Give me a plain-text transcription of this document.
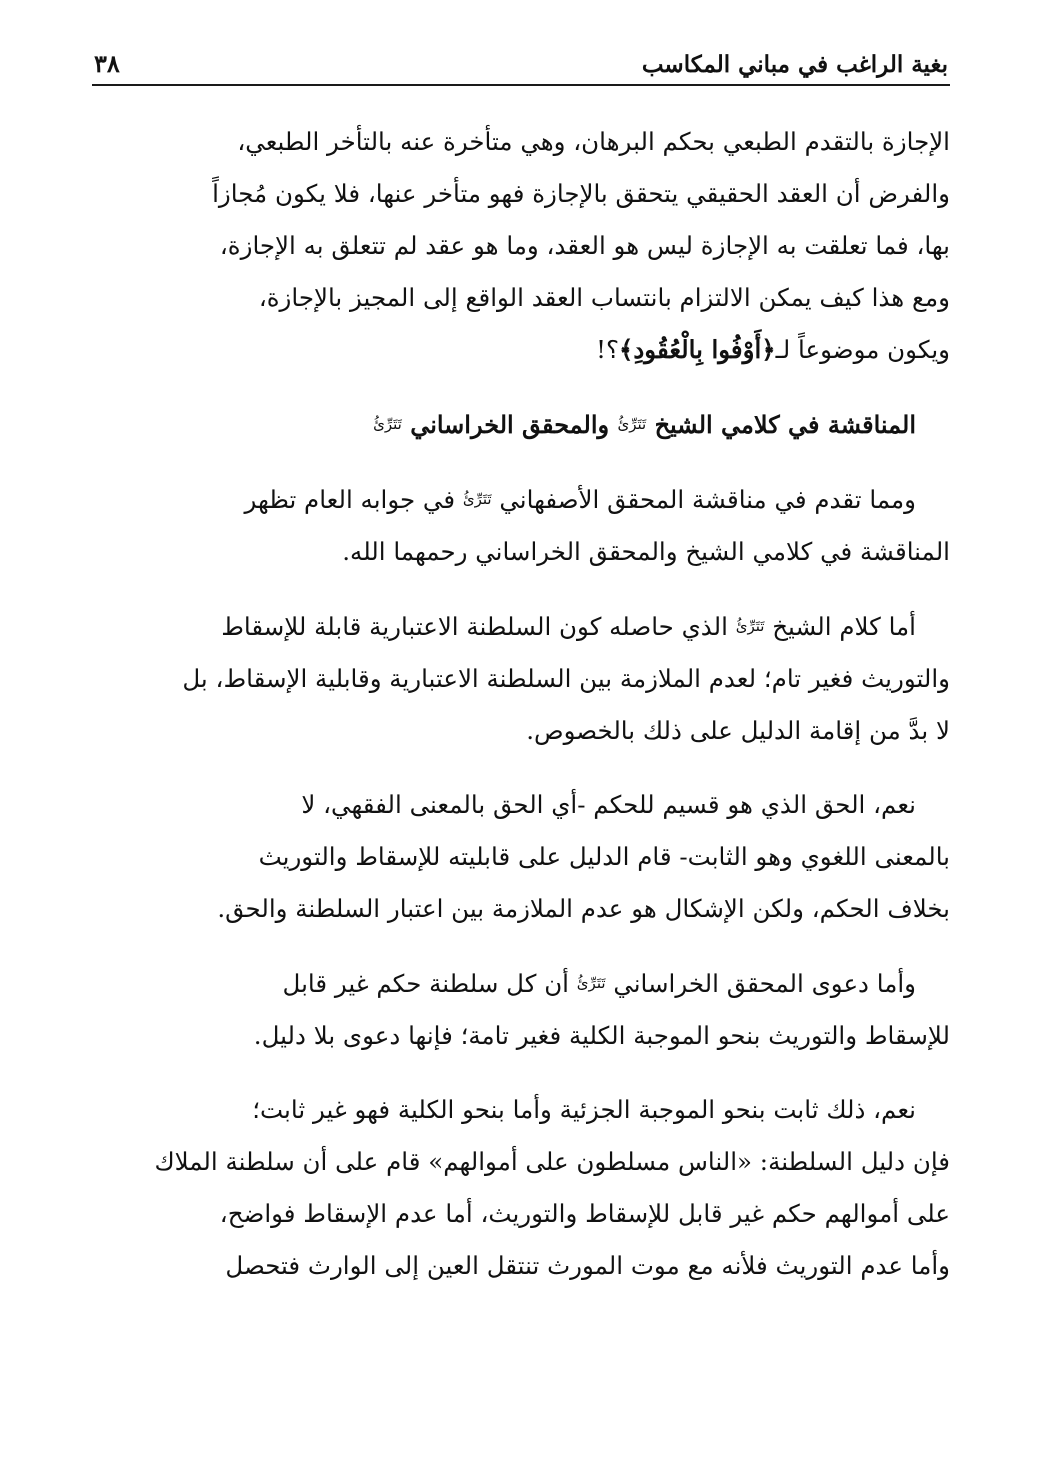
بغية الراغب في مباني المكاسب
٣٨

الإجازة بالتقدم الطبعي بحكم البرهان، وهي متأخرة عنه بالتأخر الطبعي،
والفرض أن العقد الحقيقي يتحقق بالإجازة فهو متأخر عنها، فلا يكون مُجازاً
بها، فما تعلقت به الإجازة ليس هو العقد، وما هو عقد لم تتعلق به الإجازة،
ومع هذا كيف يمكن الالتزام بانتساب العقد الواقع إلى المجيز بالإجازة،
ويكون موضوعاً لـ﴿أَوْفُوا بِالْعُقُودِ﴾؟!

المناقشة في كلامي الشيخ تَتَرِّئُ والمحقق الخراساني تَتَرِّئُ

ومما تقدم في مناقشة المحقق الأصفهاني تَتَرِّئُ في جوابه العام تظهر
المناقشة في كلامي الشيخ والمحقق الخراساني رحمهما الله.

أما كلام الشيخ تَتَرِّئُ الذي حاصله كون السلطنة الاعتبارية قابلة للإسقاط
والتوريث فغير تام؛ لعدم الملازمة بين السلطنة الاعتبارية وقابلية الإسقاط، بل
لا بدَّ من إقامة الدليل على ذلك بالخصوص.

نعم، الحق الذي هو قسيم للحكم -أي الحق بالمعنى الفقهي، لا
بالمعنى اللغوي وهو الثابت- قام الدليل على قابليته للإسقاط والتوريث
بخلاف الحكم، ولكن الإشكال هو عدم الملازمة بين اعتبار السلطنة والحق.

وأما دعوى المحقق الخراساني تَتَرِّئُ أن كل سلطنة حكم غير قابل
للإسقاط والتوريث بنحو الموجبة الكلية فغير تامة؛ فإنها دعوى بلا دليل.

نعم، ذلك ثابت بنحو الموجبة الجزئية وأما بنحو الكلية فهو غير ثابت؛
فإن دليل السلطنة: «الناس مسلطون على أموالهم» قام على أن سلطنة الملاك
على أموالهم حكم غير قابل للإسقاط والتوريث، أما عدم الإسقاط فواضح،
وأما عدم التوريث فلأنه مع موت المورث تنتقل العين إلى الوارث فتحصل
